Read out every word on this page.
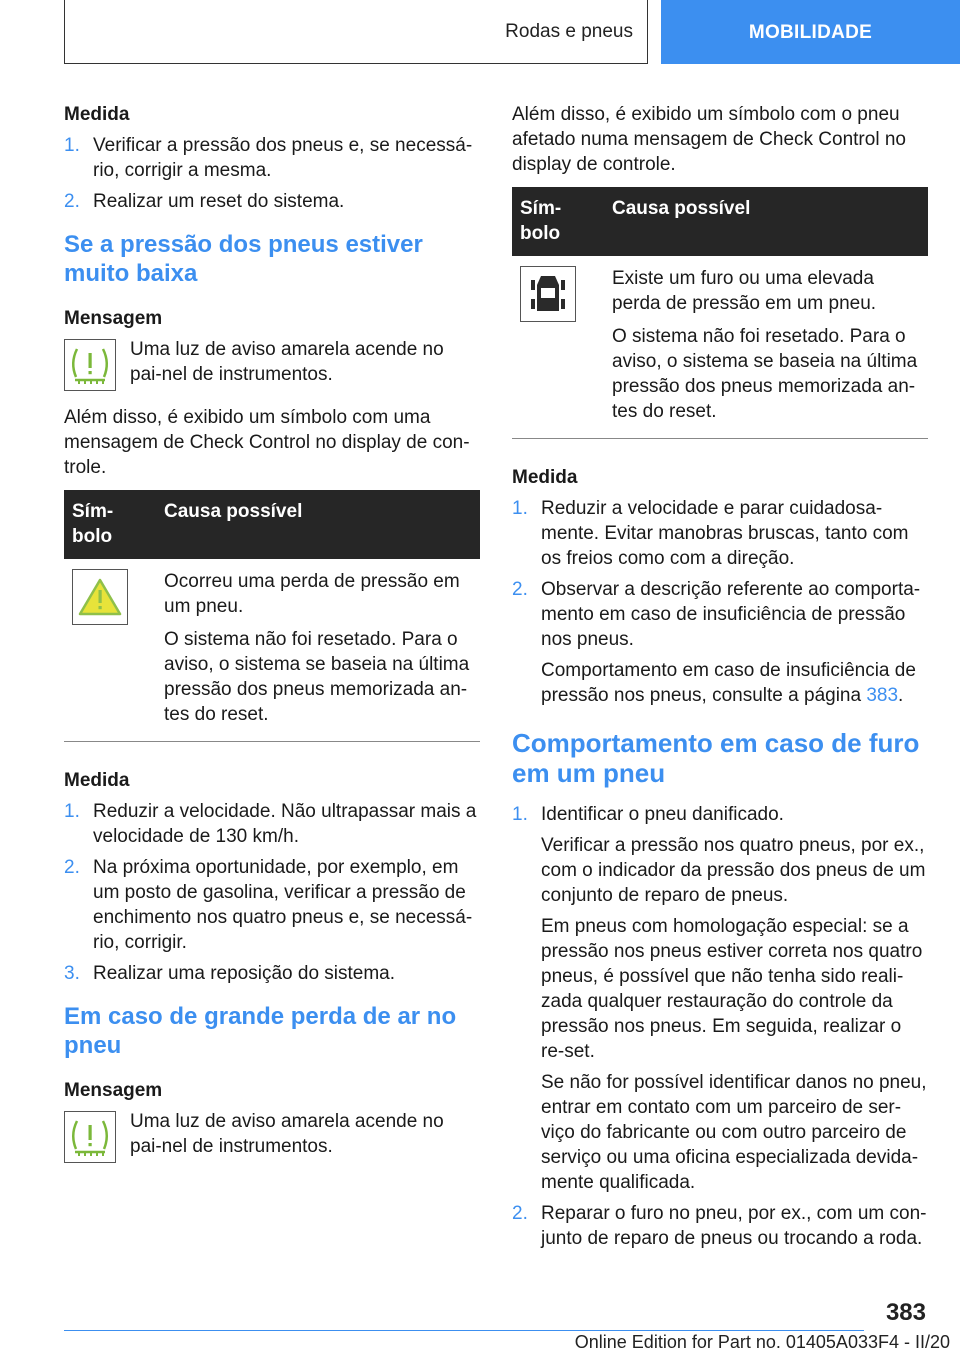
Rodas e pneus	MOBILIDADE
Medida
1. Verificar a pressão dos pneus e, se necessá-rio, corrigir a mesma.
2. Realizar um reset do sistema.
Se a pressão dos pneus estiver muito baixa
Mensagem
Uma luz de aviso amarela acende no pai-nel de instrumentos.

Além disso, é exibido um símbolo com uma mensagem de Check Control no display de con-trole.

Sím-bolo	Causa possível

Ocorreu uma perda de pressão em um pneu.

O sistema não foi resetado. Para o aviso, o sistema se baseia na última pressão dos pneus memorizada an-tes do reset.

Medida
1. Reduzir a velocidade. Não ultrapassar mais a velocidade de 130 km/h.
2. Na próxima oportunidade, por exemplo, em um posto de gasolina, verificar a pressão de enchimento nos quatro pneus e, se necessá-rio, corrigir.
3. Realizar uma reposição do sistema.
Em caso de grande perda de ar no pneu
Mensagem
Uma luz de aviso amarela acende no pai-nel de instrumentos.

Além disso, é exibido um símbolo com o pneu afetado numa mensagem de Check Control no display de controle.

Sím-bolo	Causa possível

Existe um furo ou uma elevada perda de pressão em um pneu.

O sistema não foi resetado. Para o aviso, o sistema se baseia na última pressão dos pneus memorizada an-tes do reset.

Medida
1. Reduzir a velocidade e parar cuidadosa-mente. Evitar manobras bruscas, tanto com os freios como com a direção.
2. Observar a descrição referente ao comporta-mento em caso de insuficiência de pressão nos pneus.
Comportamento em caso de insuficiência de pressão nos pneus, consulte a página 383.
Comportamento em caso de furo em um pneu
1. Identificar o pneu danificado.
Verificar a pressão nos quatro pneus, por ex., com o indicador da pressão dos pneus de um conjunto de reparo de pneus.
Em pneus com homologação especial: se a pressão nos pneus estiver correta nos quatro pneus, é possível que não tenha sido reali-zada qualquer restauração do controle da pressão nos pneus. Em seguida, realizar o re-set.
Se não for possível identificar danos no pneu, entrar em contato com um parceiro de ser-viço do fabricante ou com outro parceiro de serviço ou uma oficina especializada devida-mente qualificada.
2. Reparar o furo no pneu, por ex., com um con-junto de reparo de pneus ou trocando a roda.
383
Online Edition for Part no. 01405A033F4 - II/20
